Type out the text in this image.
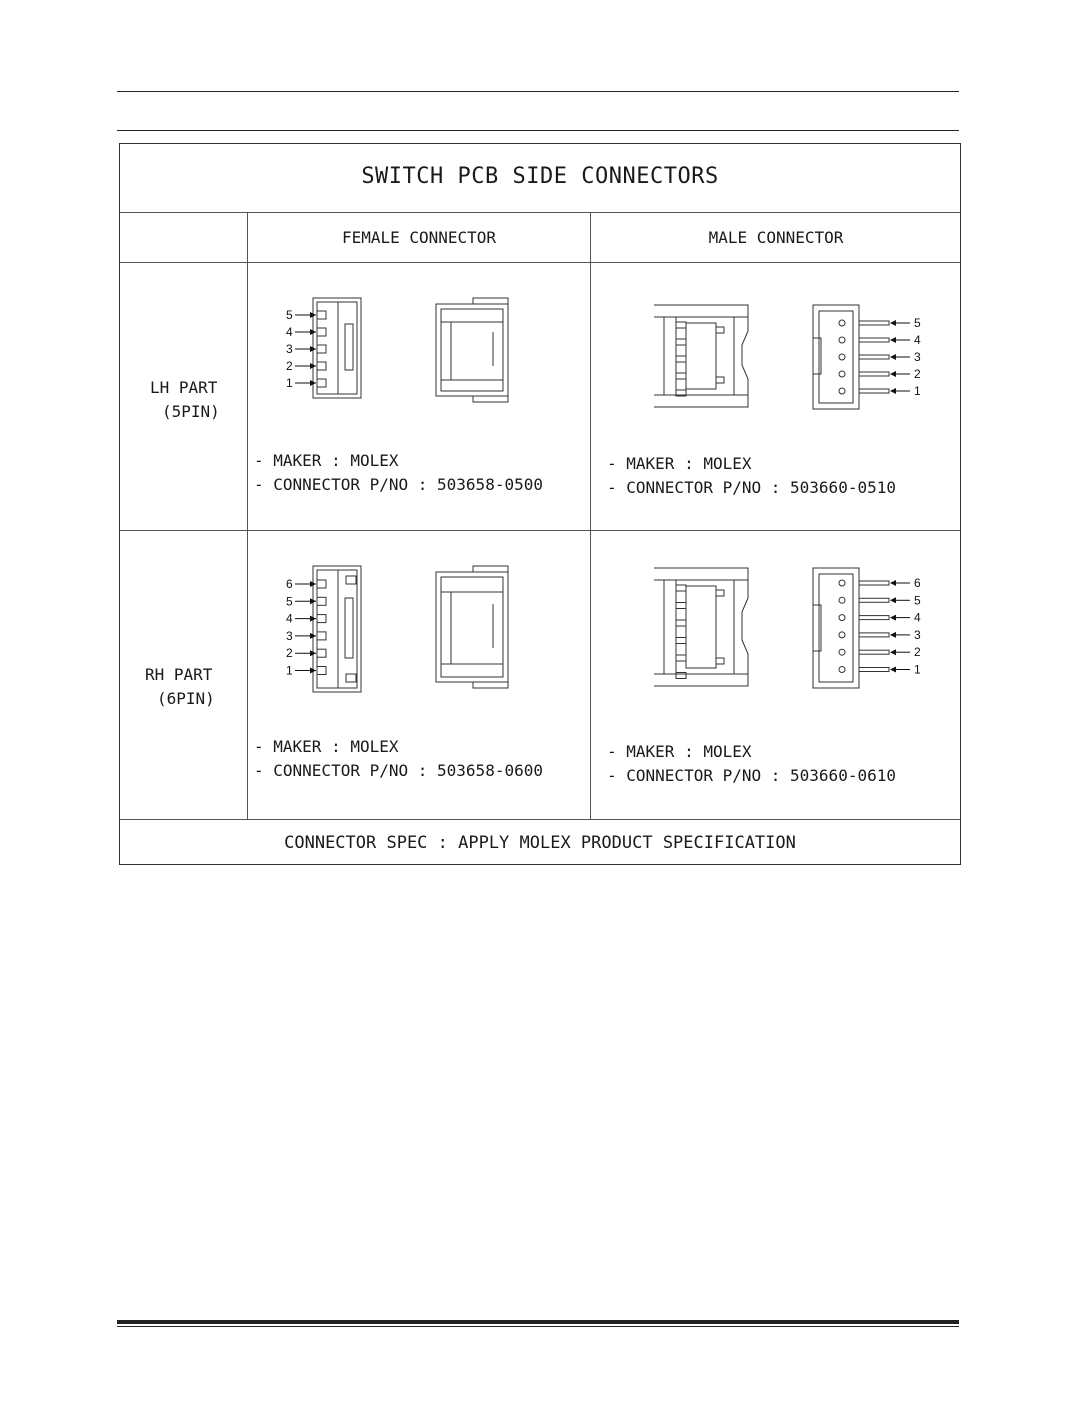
SWITCH PCB SIDE CONNECTORS
FEMALE CONNECTOR	MALE CONNECTOR
LH PART
(5PIN)
RH PART
(6PIN)
- MAKER : MOLEX
- CONNECTOR P/NO : 503658-0500
- MAKER : MOLEX
- CONNECTOR P/NO : 503660-0510
- MAKER : MOLEX
- CONNECTOR P/NO : 503658-0600
- MAKER : MOLEX
- CONNECTOR P/NO : 503660-0610
CONNECTOR SPEC : APPLY MOLEX PRODUCT SPECIFICATION
5
4
3
2
1
5
4
3
2
1
6
5
4
3
2
1
6
5
4
3
2
1
